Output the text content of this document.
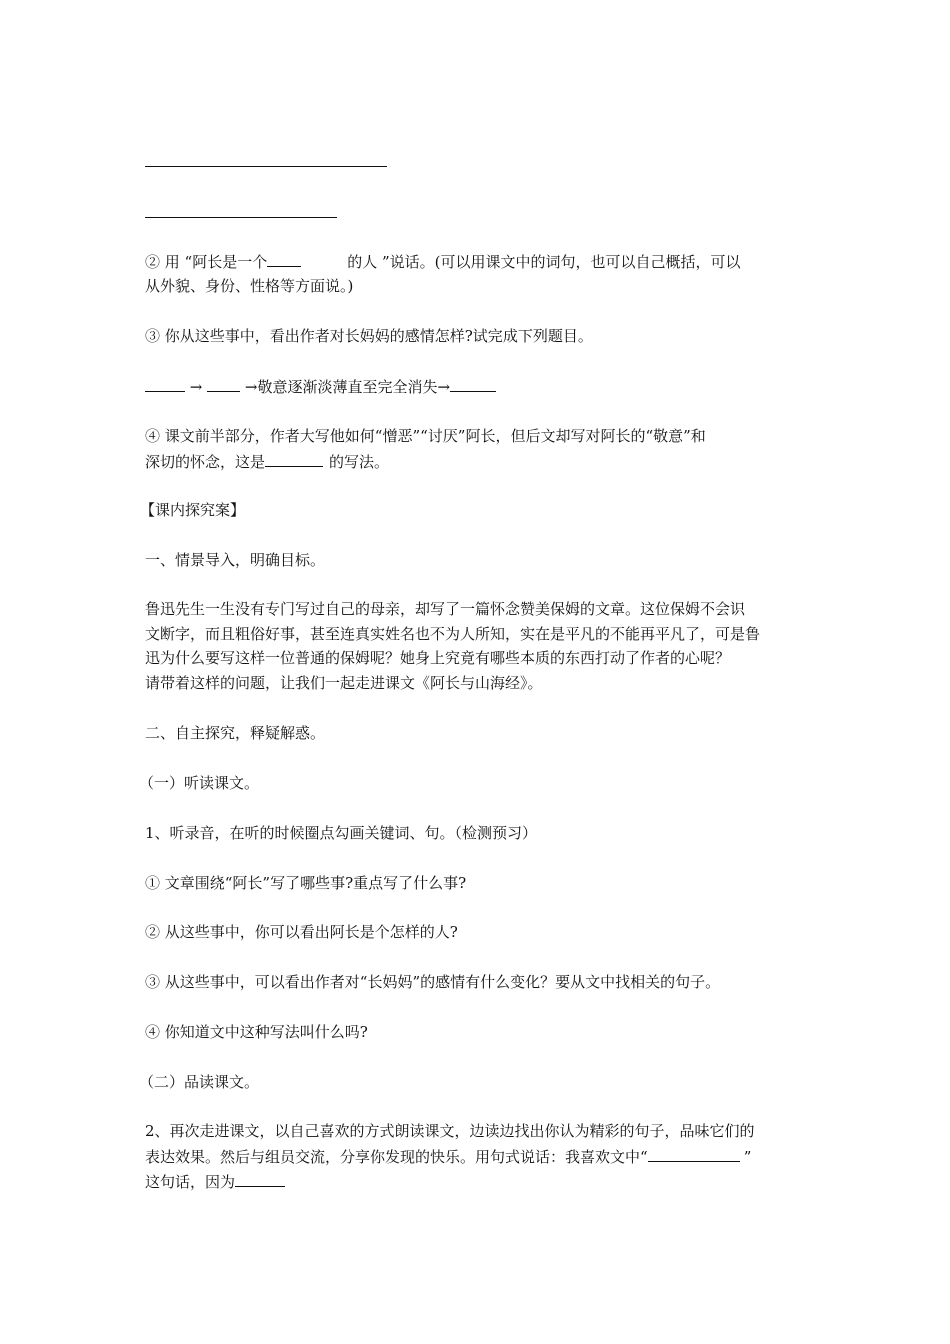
② 用 “阿长是一个	的人 ”说话。(可以用课文中的词句，也可以自己概括，可以
从外貌、身份、性格等方面说。)
③ 你从这些事中，看出作者对长妈妈的感情怎样?试完成下列题目。
→	→敬意逐渐淡薄直至完全消失→
④ 课文前半部分，作者大写他如何“憎恶”“讨厌”阿长，但后文却写对阿长的“敬意”和
深切的怀念，这是	的写法。
【课内探究案】
一、情景导入，明确目标。
鲁迅先生一生没有专门写过自己的母亲，却写了一篇怀念赞美保姆的文章。这位保姆不会识
文断字，而且粗俗好事，甚至连真实姓名也不为人所知，实在是平凡的不能再平凡了，可是鲁
迅为什么要写这样一位普通的保姆呢？她身上究竟有哪些本质的东西打动了作者的心呢？
请带着这样的问题，让我们一起走进课文《阿长与山海经》。
二、自主探究，释疑解惑。
（一）听读课文。
1、听录音，在听的时候圈点勾画关键词、句。（检测预习）
① 文章围绕“阿长”写了哪些事?重点写了什么事?
② 从这些事中，你可以看出阿长是个怎样的人?
③ 从这些事中，可以看出作者对“长妈妈”的感情有什么变化？要从文中找相关的句子。
④ 你知道文中这种写法叫什么吗?
（二）品读课文。
2、再次走进课文，以自己喜欢的方式朗读课文，边读边找出你认为精彩的句子，品味它们的
表达效果。然后与组员交流，分享你发现的快乐。用句式说话：我喜欢文中“	”
这句话，因为
